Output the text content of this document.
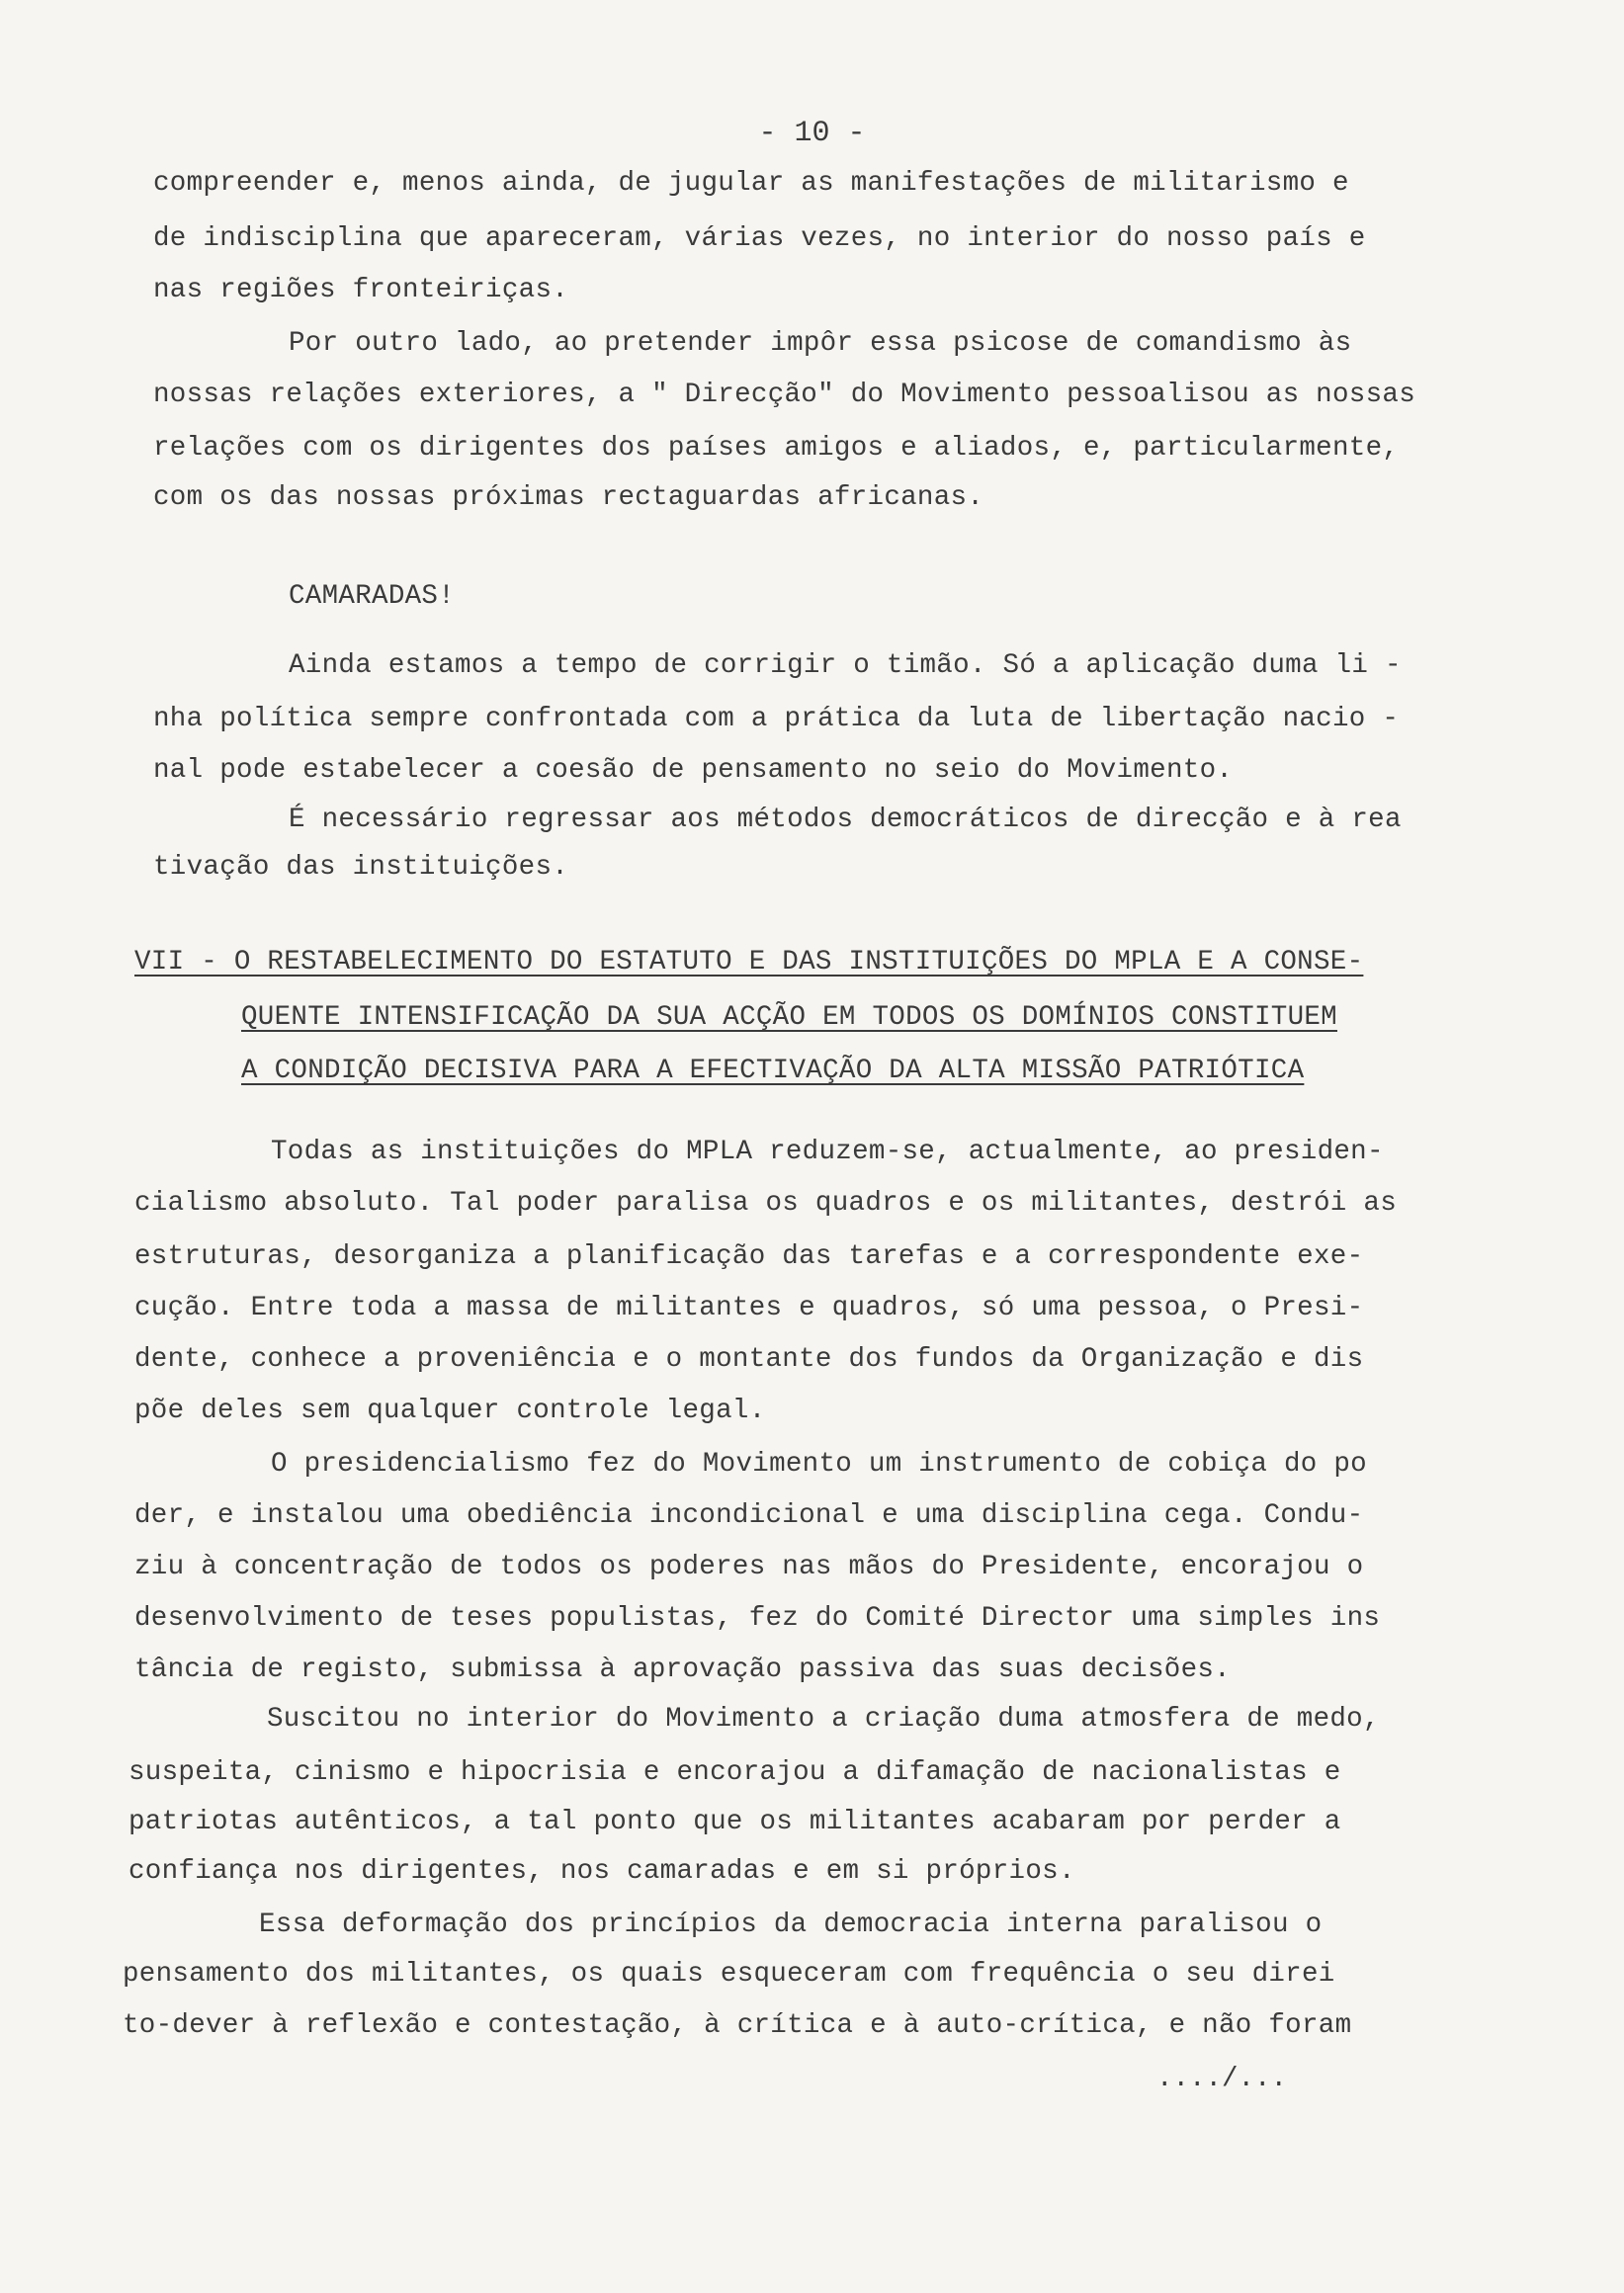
- 10 -
compreender e, menos ainda, de jugular as manifestações de militarismo e
de indisciplina que apareceram, várias vezes, no interior do nosso país e
nas regiões fronteiriças.
Por outro lado, ao pretender impôr essa psicose de comandismo às
nossas relações exteriores, a " Direcção" do Movimento pessoalisou as nossas
relações com os dirigentes dos países amigos e aliados, e, particularmente,
com os das nossas próximas rectaguardas africanas.
CAMARADAS!
Ainda estamos a tempo de corrigir o timão. Só a aplicação duma li -
nha política sempre confrontada com a prática da luta de libertação nacio -
nal pode estabelecer a coesão de pensamento no seio do Movimento.
É necessário regressar aos métodos democráticos de direcção e à rea
tivação das instituições.
VII - O RESTABELECIMENTO DO ESTATUTO E DAS INSTITUIÇÕES DO MPLA E A CONSE-
QUENTE INTENSIFICAÇÃO DA SUA ACÇÃO EM TODOS OS DOMÍNIOS CONSTITUEM
A CONDIÇÃO DECISIVA PARA A EFECTIVAÇÃO DA ALTA MISSÃO PATRIÓTICA
Todas as instituições do MPLA reduzem-se, actualmente, ao presiden-
cialismo absoluto. Tal poder paralisa os quadros e os militantes, destrói as
estruturas, desorganiza a planificação das tarefas e a correspondente exe-
cução. Entre toda a massa de militantes e quadros, só uma pessoa, o Presi-
dente, conhece a proveniência e o montante dos fundos da Organização e dis
põe deles sem qualquer controle legal.
O presidencialismo fez do Movimento um instrumento de cobiça do po
der, e instalou uma obediência incondicional e uma disciplina cega. Condu-
ziu à concentração de todos os poderes nas mãos do Presidente, encorajou o
desenvolvimento de teses populistas, fez do Comité Director uma simples ins
tância de registo, submissa à aprovação passiva das suas decisões.
Suscitou no interior do Movimento a criação duma atmosfera de medo,
suspeita, cinismo e hipocrisia e encorajou a difamação de nacionalistas e
patriotas autênticos, a tal ponto que os militantes acabaram por perder a
confiança nos dirigentes, nos camaradas e em si próprios.
Essa deformação dos princípios da democracia interna paralisou o
pensamento dos militantes, os quais esqueceram com frequência o seu direi
to-dever à reflexão e contestação, à crítica e à auto-crítica, e não foram
..../...
